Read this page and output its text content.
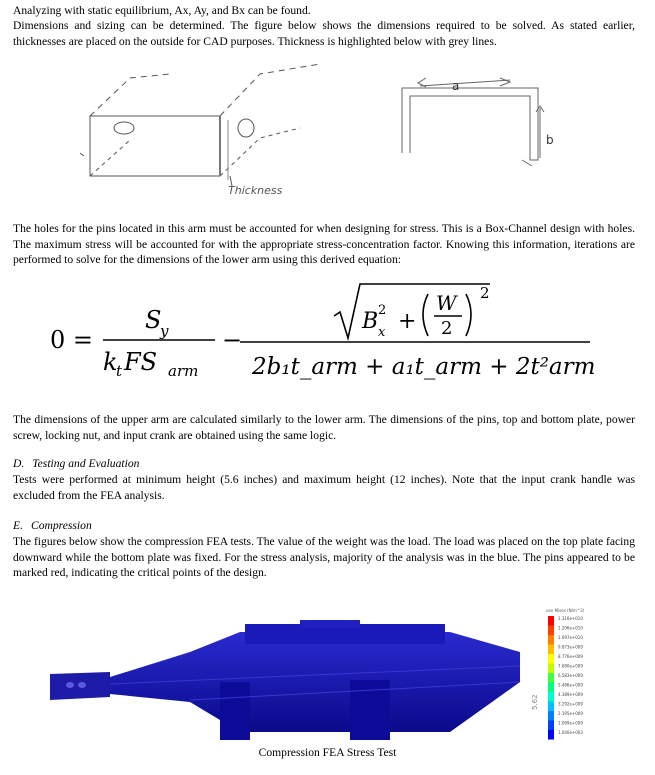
Analyzing with static equilibrium, Ax, Ay, and Bx can be found.
Dimensions and sizing can be determined. The figure below shows the dimensions required to be solved. As stated earlier, thicknesses are placed on the outside for CAD purposes. Thickness is highlighted below with grey lines.
a
b
Thickness
The holes for the pins located in this arm must be accounted for when designing for stress. This is a Box-Channel design with holes. The maximum stress will be accounted for with the appropriate stress-concentration factor. Knowing this information, iterations are performed to solve for the dimensions of the lower arm using this derived equation:
0 =
S
y
k
t FS arm
−
B 2
x +
W
2
2
2b₁t_arm + a₁t_arm + 2t²arm
The dimensions of the upper arm are calculated similarly to the lower arm. The dimensions of the pins, top and bottom plate, power screw, locking nut, and input crank are obtained using the same logic.
D. Testing and Evaluation
Tests were performed at minimum height (5.6 inches) and maximum height (12 inches). Note that the input crank handle was excluded from the FEA analysis.
E. Compression
The figures below show the compression FEA tests. The value of the weight was the load. The load was placed on the top plate facing downward while the bottom plate was fixed. For the stress analysis, majority of the analysis was in the blue. The pins appeared to be marked red, indicating the critical points of the design.
5.62
von Mises (N/m^2)
1.316e+010
1.206e+010
1.097e+010
9.873e+009
8.776e+009
7.680e+009
6.583e+009
5.486e+009
4.389e+009
3.292e+009
2.195e+009
1.099e+009
1.040e+003
Compression FEA Stress Test
